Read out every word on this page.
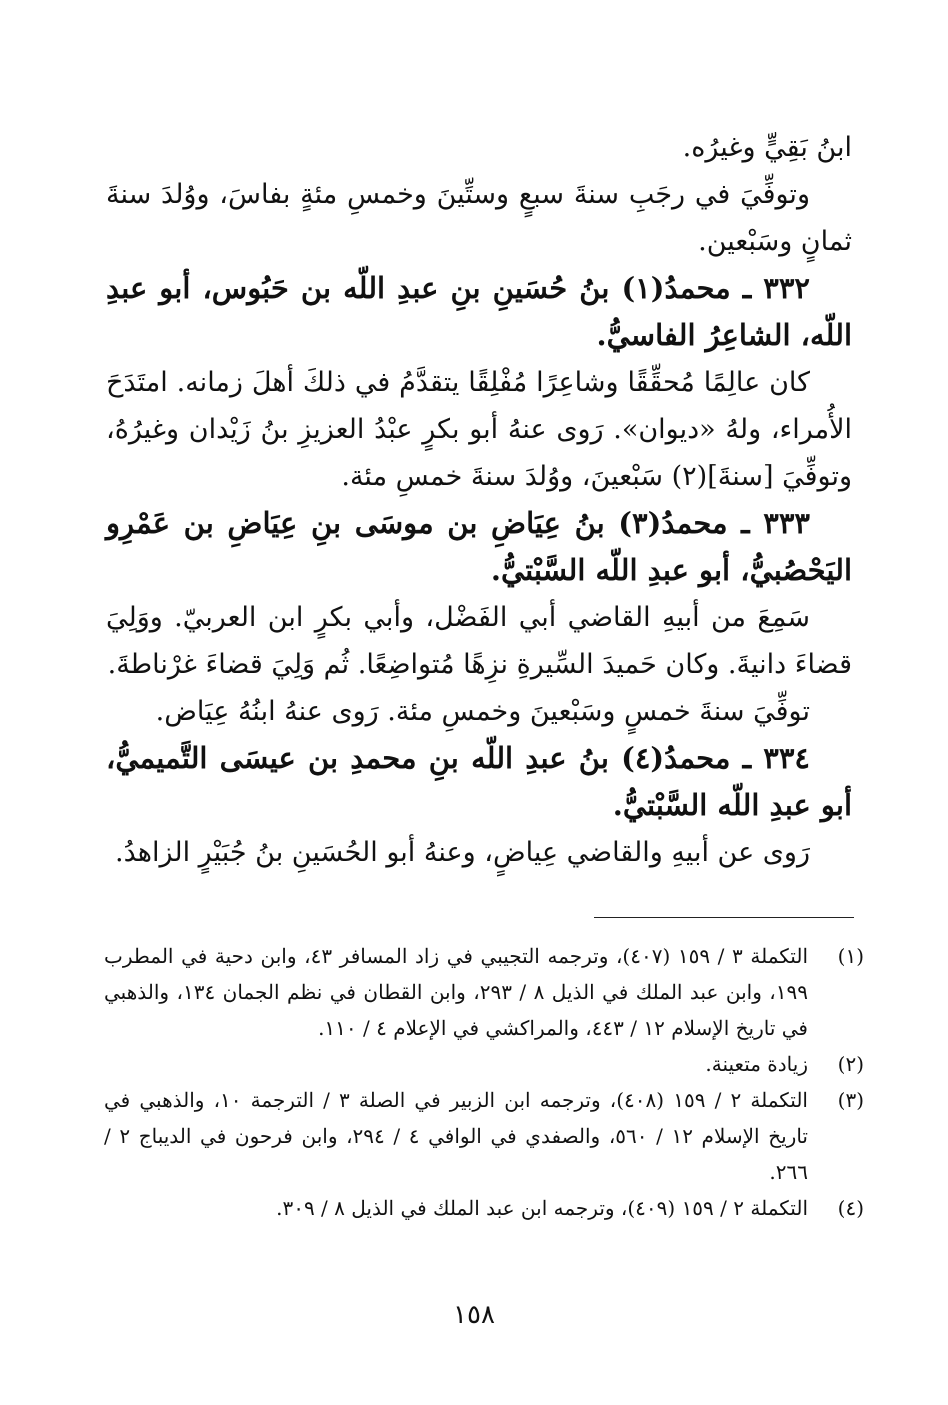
ابنُ بَقِيٍّ وغيرُه.

وتوفِّيَ في رجَبِ سنةَ سبعٍ وستِّينَ وخمسِ مئةٍ بفاسَ، ووُلدَ سنةَ ثمانٍ وسَبْعين.

٣٣٢ ـ محمدُ(١) بنُ حُسَينِ بنِ عبدِ اللّه بن حَبُوس، أبو عبدِ اللّه، الشاعِرُ الفاسيُّ.

كان عالِمًا مُحقِّقًا وشاعِرًا مُفْلِقًا يتقدَّمُ في ذلكَ أهلَ زمانه. امتَدَحَ الأُمراء، ولهُ «ديوان». رَوى عنهُ أبو بكرٍ عبْدُ العزيزِ بنُ زَيْدان وغيرُهُ، وتوفِّيَ [سنةَ](٢) سَبْعينَ، ووُلدَ سنةَ خمسِ مئة.

٣٣٣ ـ محمدُ(٣) بنُ عِيَاضِ بن موسَى بنِ عِيَاضِ بن عَمْرِو اليَحْصُبيُّ، أبو عبدِ اللّه السَّبْتيُّ.

سَمِعَ من أبيهِ القاضي أبي الفَضْل، وأبي بكرٍ ابن العربيّ. ووَلِيَ قضاءَ دانيةَ. وكان حَميدَ السِّيرةِ نزِهًا مُتواضِعًا. ثُم وَلِيَ قضاءَ غرْناطةَ.

توفِّيَ سنةَ خمسٍ وسَبْعينَ وخمسِ مئة. رَوى عنهُ ابنُهُ عِيَاض.

٣٣٤ ـ محمدُ(٤) بنُ عبدِ اللّه بنِ محمدِ بن عيسَى التَّميميُّ، أبو عبدِ اللّه السَّبْتيُّ.

رَوى عن أبيهِ والقاضي عِياضٍ، وعنهُ أبو الحُسَينِ بنُ جُبَيْرٍ الزاهدُ.

(١)
التكملة ٣ / ١٥٩ (٤٠٧)، وترجمه التجيبي في زاد المسافر ٤٣، وابن دحية في المطرب ١٩٩، وابن عبد الملك في الذيل ٨ / ٢٩٣، وابن القطان في نظم الجمان ١٣٤، والذهبي في تاريخ الإسلام ١٢ / ٤٤٣، والمراكشي في الإعلام ٤ / ١١٠.
(٢)
زيادة متعينة.
(٣)
التكملة ٢ / ١٥٩ (٤٠٨)، وترجمه ابن الزبير في الصلة ٣ / الترجمة ١٠، والذهبي في تاريخ الإسلام ١٢ / ٥٦٠، والصفدي في الوافي ٤ / ٢٩٤، وابن فرحون في الديباج ٢ / ٢٦٦.
(٤)
التكملة ٢ / ١٥٩ (٤٠٩)، وترجمه ابن عبد الملك في الذيل ٨ / ٣٠٩.
١٥٨
